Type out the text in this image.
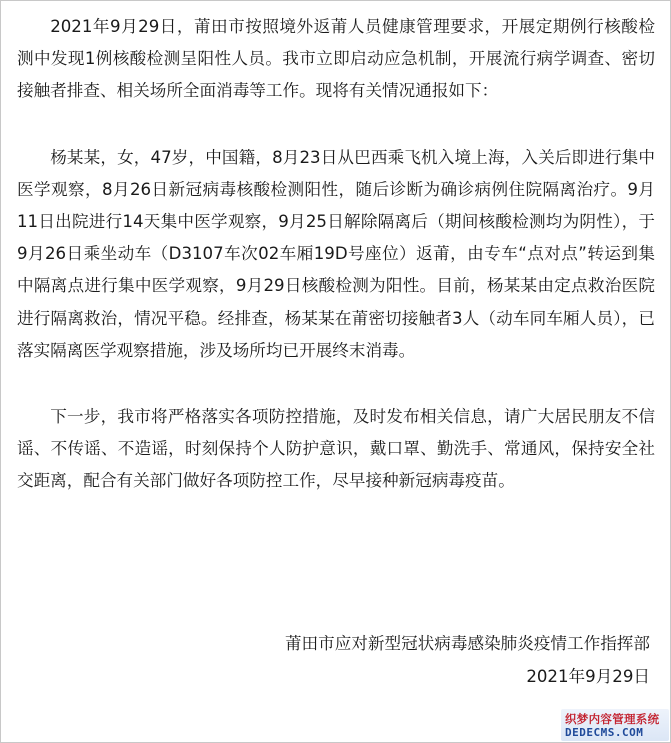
2021年9月29日，莆田市按照境外返莆人员健康管理要求，开展定期例行核酸检测中发现1例核酸检测呈阳性人员。我市立即启动应急机制，开展流行病学调查、密切接触者排查、相关场所全面消毒等工作。现将有关情况通报如下：

杨某某，女，47岁，中国籍，8月23日从巴西乘飞机入境上海，入关后即进行集中医学观察，8月26日新冠病毒核酸检测阳性，随后诊断为确诊病例住院隔离治疗。9月11日出院进行14天集中医学观察，9月25日解除隔离后（期间核酸检测均为阴性），于9月26日乘坐动车（D3107车次02车厢19D号座位）返莆，由专车“点对点”转运到集中隔离点进行集中医学观察，9月29日核酸检测为阳性。目前，杨某某由定点救治医院进行隔离救治，情况平稳。经排查，杨某某在莆密切接触者3人（动车同车厢人员），已落实隔离医学观察措施，涉及场所均已开展终末消毒。

下一步，我市将严格落实各项防控措施，及时发布相关信息，请广大居民朋友不信谣、不传谣、不造谣，时刻保持个人防护意识，戴口罩、勤洗手、常通风，保持安全社交距离，配合有关部门做好各项防控工作，尽早接种新冠病毒疫苗。

莆田市应对新型冠状病毒感染肺炎疫情工作指挥部
2021年9月29日
织梦内容管理系统
DEDECMS.COM
